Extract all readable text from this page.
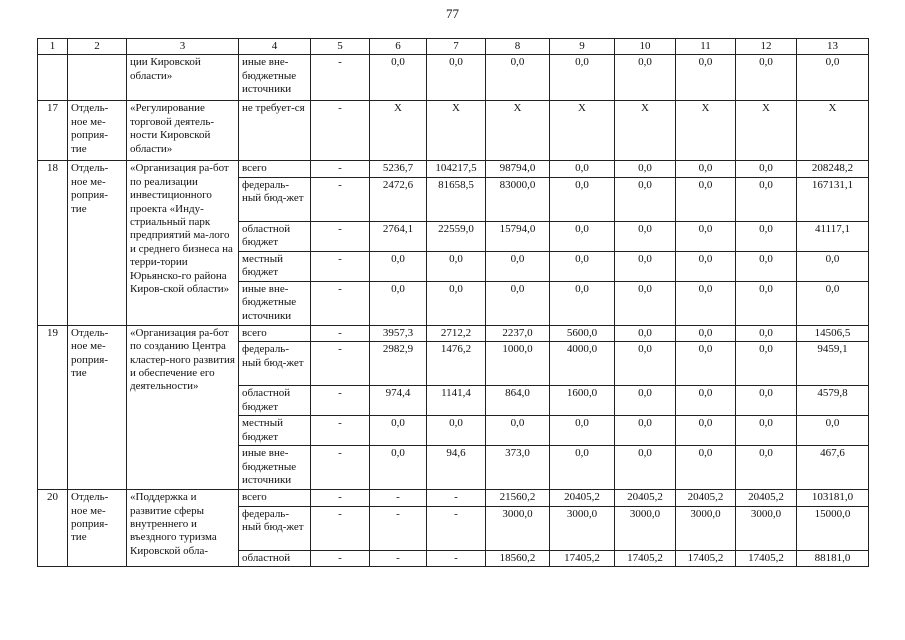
77
1	2	3	4	5	6	7	8	9	10	11	12	13
		ции Кировской области»	иные вне-бюджетные источники	-	0,0	0,0	0,0	0,0	0,0	0,0	0,0	0,0
17	Отдель-ное ме-роприя-тие	«Регулирование торговой деятель-ности Кировской области»	не требует-ся	-	Х	Х	Х	Х	Х	Х	Х	Х
18	Отдель-ное ме-роприя-тие	«Организация ра-бот по реализации инвестиционного проекта «Инду-стриальный парк предприятий ма-лого и среднего бизнеса на терри-тории Юрьянско-го района Киров-ской области»	всего	-	5236,7	104217,5	98794,0	0,0	0,0	0,0	0,0	208248,2
			федераль-ный бюд-жет	-	2472,6	81658,5	83000,0	0,0	0,0	0,0	0,0	167131,1
			областной бюджет	-	2764,1	22559,0	15794,0	0,0	0,0	0,0	0,0	41117,1
			местный бюджет	-	0,0	0,0	0,0	0,0	0,0	0,0	0,0	0,0
			иные вне-бюджетные источники	-	0,0	0,0	0,0	0,0	0,0	0,0	0,0	0,0
19	Отдель-ное ме-роприя-тие	«Организация ра-бот по созданию Центра кластер-ного развития и обеспечение его деятельности»	всего	-	3957,3	2712,2	2237,0	5600,0	0,0	0,0	0,0	14506,5
			федераль-ный бюд-жет	-	2982,9	1476,2	1000,0	4000,0	0,0	0,0	0,0	9459,1
			областной бюджет	-	974,4	1141,4	864,0	1600,0	0,0	0,0	0,0	4579,8
			местный бюджет	-	0,0	0,0	0,0	0,0	0,0	0,0	0,0	0,0
			иные вне-бюджетные источники	-	0,0	94,6	373,0	0,0	0,0	0,0	0,0	467,6
20	Отдель-ное ме-роприя-тие	«Поддержка и развитие сферы внутреннего и въездного туризма Кировской обла-	всего	-	-	-	21560,2	20405,2	20405,2	20405,2	20405,2	103181,0
			федераль-ный бюд-жет	-	-	-	3000,0	3000,0	3000,0	3000,0	3000,0	15000,0
			областной	-	-	-	18560,2	17405,2	17405,2	17405,2	17405,2	88181,0
